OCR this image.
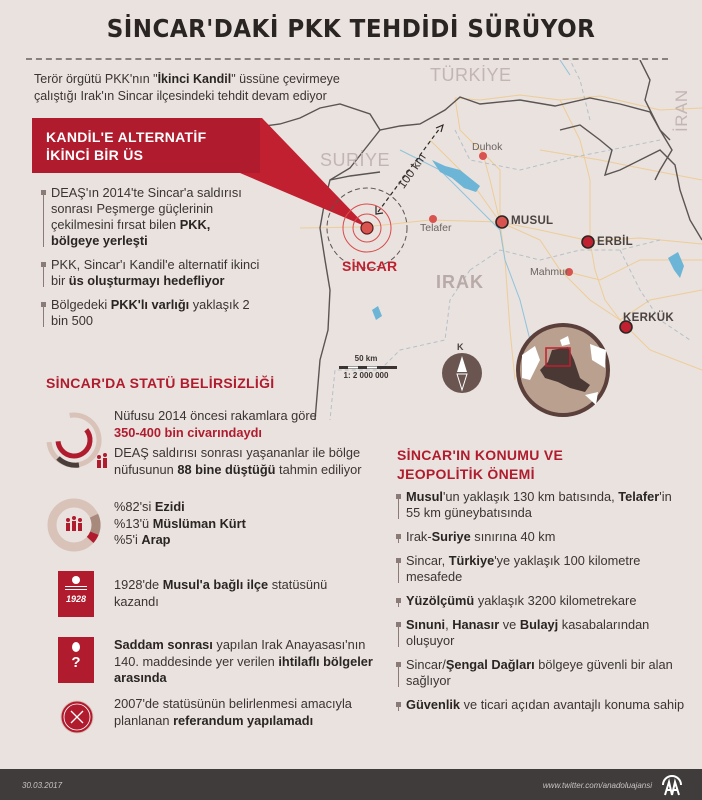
SİNCAR'DAKİ PKK TEHDİDİ SÜRÜYOR
TÜRKİYE
SURİYE
İRAN
IRAK
100 km
SİNCAR
Duhok
Telafer
Mahmur
MUSUL
ERBİL
KERKÜK
50 km
1: 2 000 000
K
Terör örgütü PKK'nın "İkinci Kandil" üssüne çevirmeye çalıştığı Irak'ın Sincar ilçesindeki tehdit devam ediyor
KANDİL'E ALTERNATİF
İKİNCİ BİR ÜS
DEAŞ'ın 2014'te Sincar'a saldırısı sonrası Peşmerge güçlerinin çekilmesini fırsat bilen PKK, bölgeye yerleşti
PKK, Sincar'ı Kandil'e alternatif ikinci bir üs oluşturmayı hedefliyor
Bölgedeki PKK'lı varlığı yaklaşık 2 bin 500
SİNCAR'DA STATÜ BELİRSİZLİĞİ
Nüfusu 2014 öncesi rakamlara göre
350-400 bin civarındaydı
DEAŞ saldırısı sonrası yaşananlar ile bölge nüfusunun 88 bine düştüğü tahmin ediliyor
%82'si Ezidi
%13'ü Müslüman Kürt
%5'i Arap
1928
1928'de Musul'a bağlı ilçe statüsünü kazandı
?
Saddam sonrası yapılan Irak Anayasası'nın 140. maddesinde yer verilen ihtilaflı bölgeler arasında
2007'de statüsünün belirlenmesi amacıyla planlanan referandum yapılamadı
SİNCAR'IN KONUMU VE
JEOPOLİTİK ÖNEMİ
Musul'un yaklaşık 130 km batısında, Telafer'in 55 km güneybatısında
Irak-Suriye sınırına 40 km
Sincar, Türkiye'ye yaklaşık 100 kilometre mesafede
Yüzölçümü yaklaşık 3200 kilometrekare
Sınuni, Hanasır ve Bulayj kasabalarından oluşuyor
Sincar/Şengal Dağları bölgeye güvenli bir alan sağlıyor
Güvenlik ve ticari açıdan avantajlı konuma sahip
30.03.2017	www.twitter.com/anadoluajansi
